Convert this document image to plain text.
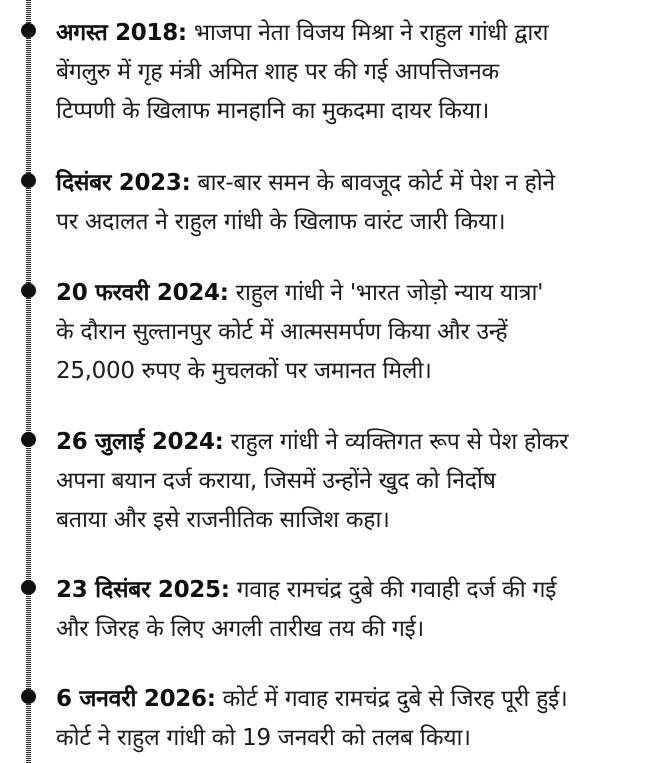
अगस्त 2018: भाजपा नेता विजय मिश्रा ने राहुल गांधी द्वारा
बेंगलुरु में गृह मंत्री अमित शाह पर की गई आपत्तिजनक
टिप्पणी के खिलाफ मानहानि का मुकदमा दायर किया।

दिसंबर 2023: बार-बार समन के बावजूद कोर्ट में पेश न होने
पर अदालत ने राहुल गांधी के खिलाफ वारंट जारी किया।

20 फरवरी 2024: राहुल गांधी ने 'भारत जोड़ो न्याय यात्रा'
के दौरान सुल्तानपुर कोर्ट में आत्मसमर्पण किया और उन्हें
25,000 रुपए के मुचलकों पर जमानत मिली।

26 जुलाई 2024: राहुल गांधी ने व्यक्तिगत रूप से पेश होकर
अपना बयान दर्ज कराया, जिसमें उन्होंने खुद को निर्दोष
बताया और इसे राजनीतिक साजिश कहा।

23 दिसंबर 2025: गवाह रामचंद्र दुबे की गवाही दर्ज की गई
और जिरह के लिए अगली तारीख तय की गई।

6 जनवरी 2026: कोर्ट में गवाह रामचंद्र दुबे से जिरह पूरी हुई।
कोर्ट ने राहुल गांधी को 19 जनवरी को तलब किया।
